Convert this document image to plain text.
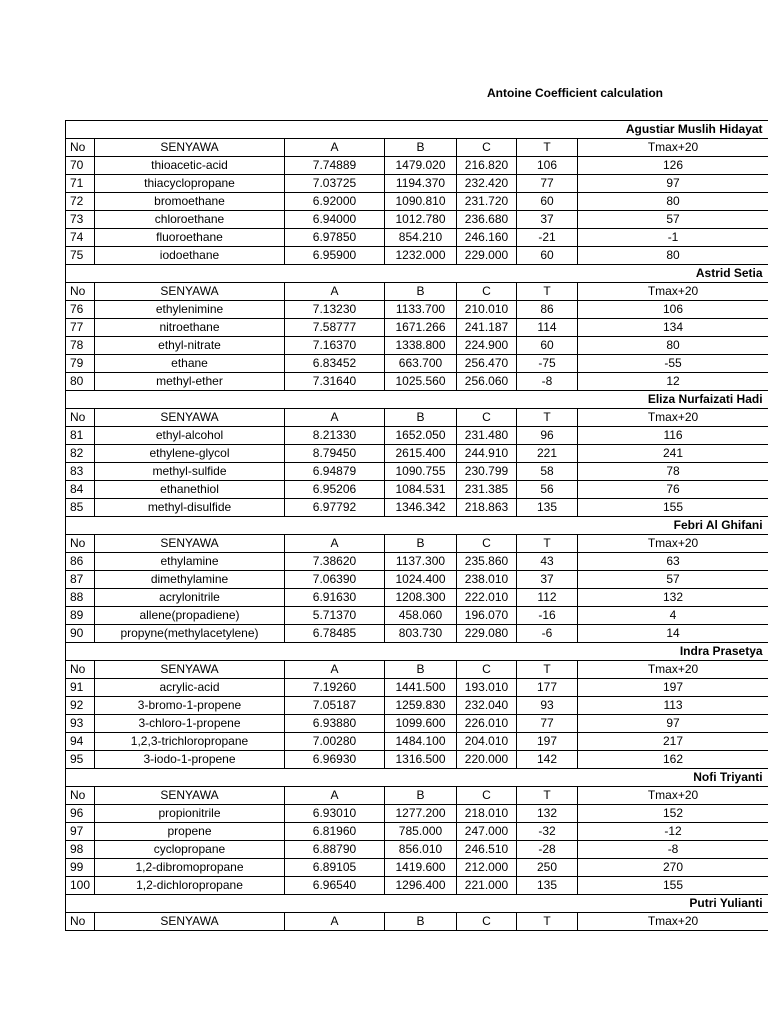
Antoine Coefficient calculation
Agustiar Muslih Hidayat						
No	SENYAWA	A	B	C	T	Tmax+20
70	thioacetic-acid	7.74889	1479.020	216.820	106	126
71	thiacyclopropane	7.03725	1194.370	232.420	77	97
72	bromoethane	6.92000	1090.810	231.720	60	80
73	chloroethane	6.94000	1012.780	236.680	37	57
74	fluoroethane	6.97850	854.210	246.160	-21	-1
75	iodoethane	6.95900	1232.000	229.000	60	80
Astrid Setia						
No	SENYAWA	A	B	C	T	Tmax+20
76	ethylenimine	7.13230	1133.700	210.010	86	106
77	nitroethane	7.58777	1671.266	241.187	114	134
78	ethyl-nitrate	7.16370	1338.800	224.900	60	80
79	ethane	6.83452	663.700	256.470	-75	-55
80	methyl-ether	7.31640	1025.560	256.060	-8	12
Eliza Nurfaizati Hadi						
No	SENYAWA	A	B	C	T	Tmax+20
81	ethyl-alcohol	8.21330	1652.050	231.480	96	116
82	ethylene-glycol	8.79450	2615.400	244.910	221	241
83	methyl-sulfide	6.94879	1090.755	230.799	58	78
84	ethanethiol	6.95206	1084.531	231.385	56	76
85	methyl-disulfide	6.97792	1346.342	218.863	135	155
Febri Al Ghifani						
No	SENYAWA	A	B	C	T	Tmax+20
86	ethylamine	7.38620	1137.300	235.860	43	63
87	dimethylamine	7.06390	1024.400	238.010	37	57
88	acrylonitrile	6.91630	1208.300	222.010	112	132
89	allene(propadiene)	5.71370	458.060	196.070	-16	4
90	propyne(methylacetylene)	6.78485	803.730	229.080	-6	14
Indra Prasetya						
No	SENYAWA	A	B	C	T	Tmax+20
91	acrylic-acid	7.19260	1441.500	193.010	177	197
92	3-bromo-1-propene	7.05187	1259.830	232.040	93	113
93	3-chloro-1-propene	6.93880	1099.600	226.010	77	97
94	1,2,3-trichloropropane	7.00280	1484.100	204.010	197	217
95	3-iodo-1-propene	6.96930	1316.500	220.000	142	162
Nofi Triyanti						
No	SENYAWA	A	B	C	T	Tmax+20
96	propionitrile	6.93010	1277.200	218.010	132	152
97	propene	6.81960	785.000	247.000	-32	-12
98	cyclopropane	6.88790	856.010	246.510	-28	-8
99	1,2-dibromopropane	6.89105	1419.600	212.000	250	270
100	1,2-dichloropropane	6.96540	1296.400	221.000	135	155
Putri Yulianti						
No	SENYAWA	A	B	C	T	Tmax+20
